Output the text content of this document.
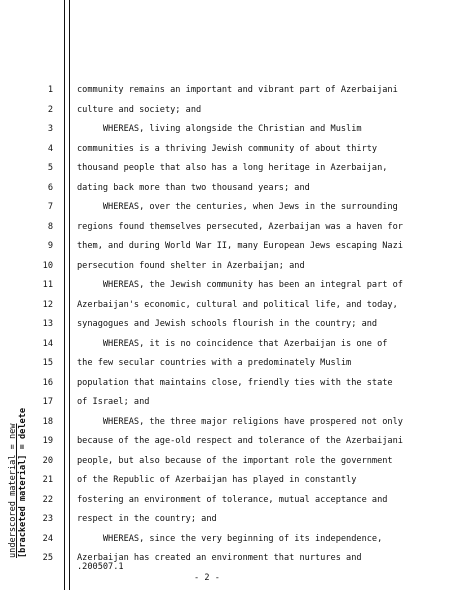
underscored material = new [bracketed material] = delete
1
2
3
4
5
6
7
8
9
10
11
12
13
14
15
16
17
18
19
20
21
22
23
24
25
community remains an important and vibrant part of Azerbaijani
culture and society; and
WHEREAS, living alongside the Christian and Muslim
communities is a thriving Jewish community of about thirty
thousand people that also has a long heritage in Azerbaijan,
dating back more than two thousand years; and
WHEREAS, over the centuries, when Jews in the surrounding
regions found themselves persecuted, Azerbaijan was a haven for
them, and during World War II, many European Jews escaping Nazi
persecution found shelter in Azerbaijan; and
WHEREAS, the Jewish community has been an integral part of
Azerbaijan's economic, cultural and political life, and today,
synagogues and Jewish schools flourish in the country; and
WHEREAS, it is no coincidence that Azerbaijan is one of
the few secular countries with a predominately Muslim
population that maintains close, friendly ties with the state
of Israel; and
WHEREAS, the three major religions have prospered not only
because of the age-old respect and tolerance of the Azerbaijani
people, but also because of the important role the government
of the Republic of Azerbaijan has played in constantly
fostering an environment of tolerance, mutual acceptance and
respect in the country; and
WHEREAS, since the very beginning of its independence,
Azerbaijan has created an environment that nurtures and
.200507.1
- 2 -
